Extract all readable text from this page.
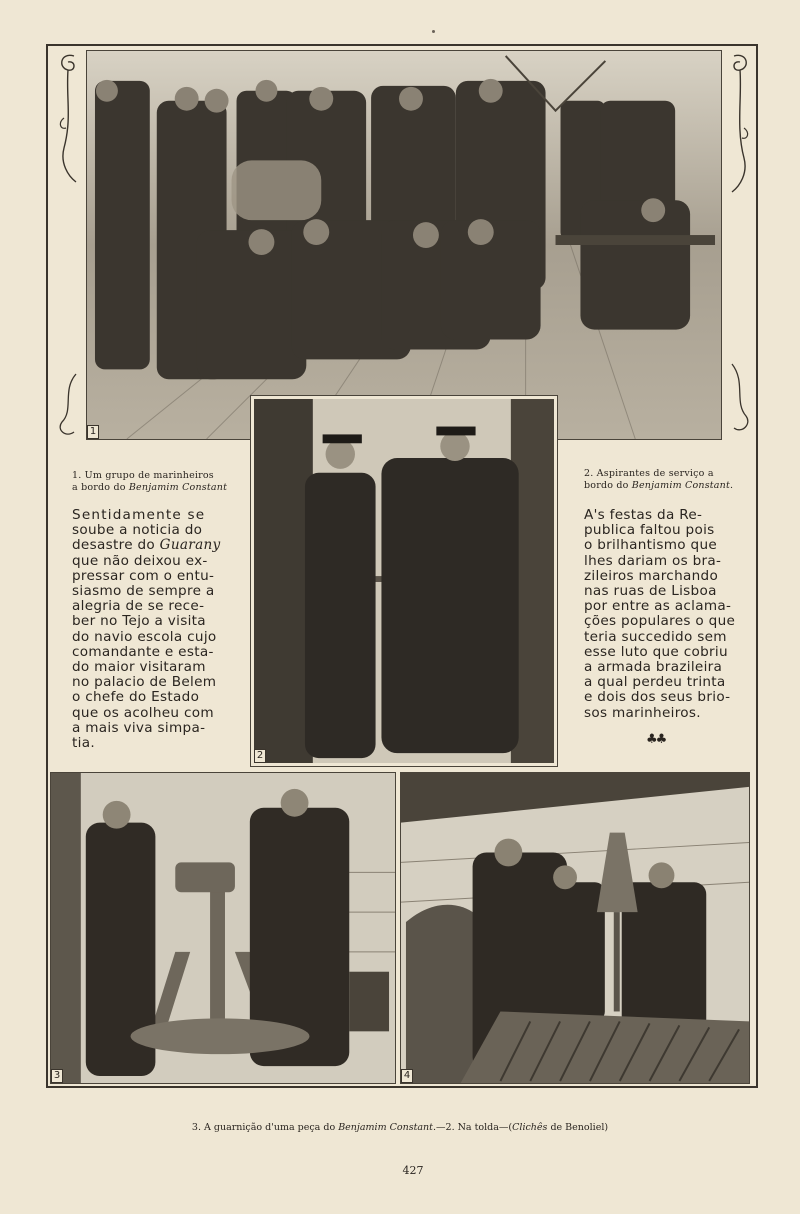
1
2
3	4
1. Um grupo de marinheiros
a bordo do Benjamim Constant
2. Aspirantes de serviço a
bordo do Benjamim Constant.
Sentidamente se
soube a noticia do
desastre do Guarany
que não deixou ex-
pressar com o entu-
siasmo de sempre a
alegria de se rece-
ber no Tejo a visita
do navio escola cujo
comandante e esta-
do maior visitaram
no palacio de Belem
o chefe do Estado
que os acolheu com
a mais viva simpa-
tia.
A's festas da Re-
publica faltou pois
o brilhantismo que
lhes dariam os bra-
zileiros marchando
nas ruas de Lisboa
por entre as aclama-
ções populares o que
teria succedido sem
esse luto que cobriu
a armada brazileira
a qual perdeu trinta
e dois dos seus brio-
sos marinheiros.
♣♣
3. A guarnição d'uma peça do Benjamim Constant.—2. Na tolda—(Clichês de Benoliel)
427
